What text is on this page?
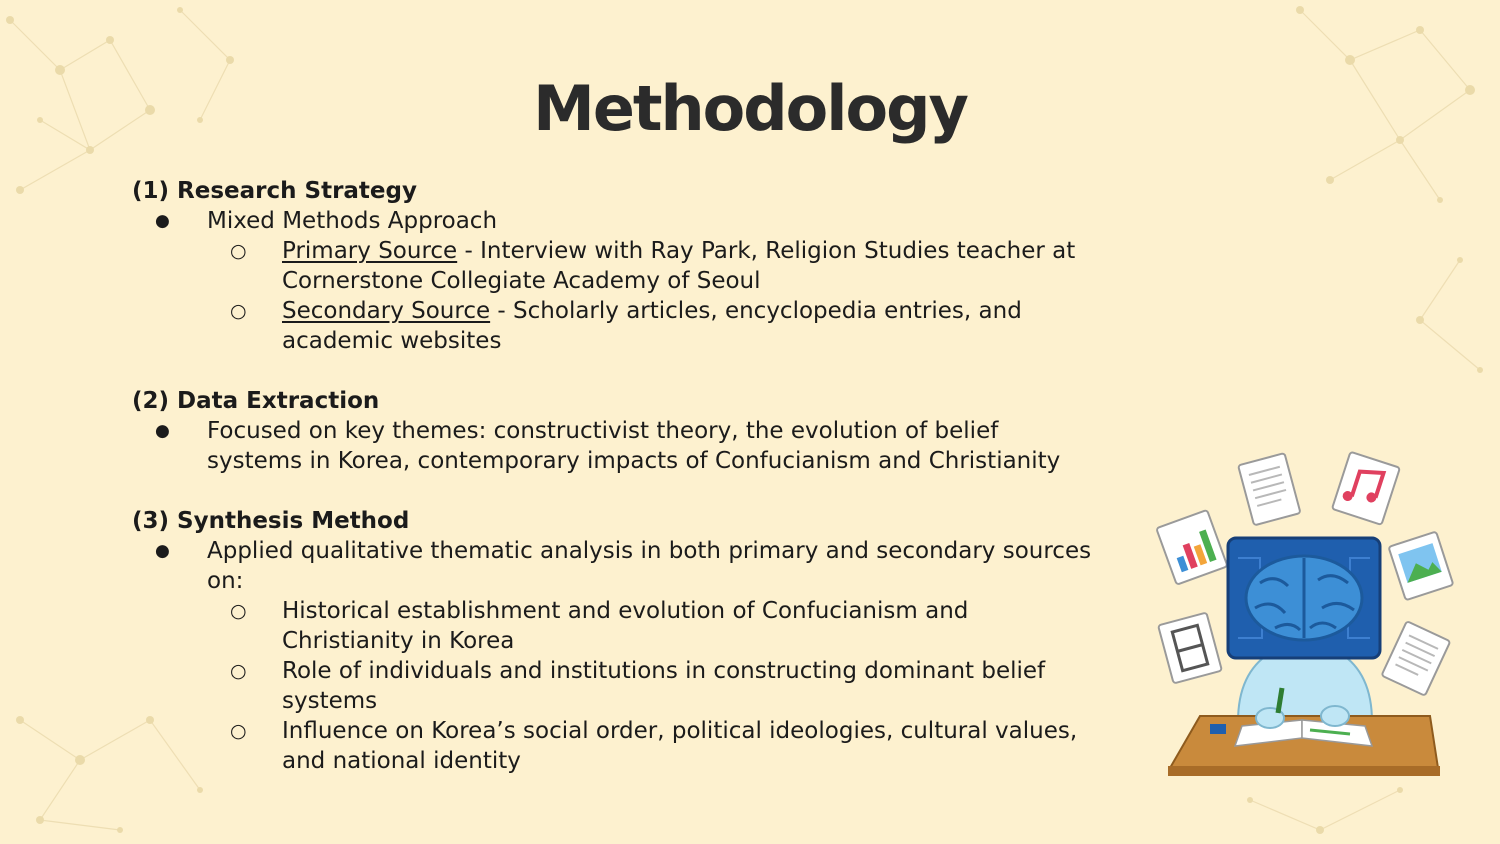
Methodology
(1) Research Strategy
● Mixed Methods Approach
○ Primary Source - Interview with Ray Park, Religion Studies teacher at Cornerstone Collegiate Academy of Seoul
○ Secondary Source - Scholarly articles, encyclopedia entries, and academic websites
(2) Data Extraction
● Focused on key themes: constructivist theory, the evolution of belief systems in Korea, contemporary impacts of Confucianism and Christianity
(3) Synthesis Method
● Applied qualitative thematic analysis in both primary and secondary sources on:
○ Historical establishment and evolution of Confucianism and Christianity in Korea
○ Role of individuals and institutions in constructing dominant belief systems
○ Influence on Korea’s social order, political ideologies, cultural values, and national identity
